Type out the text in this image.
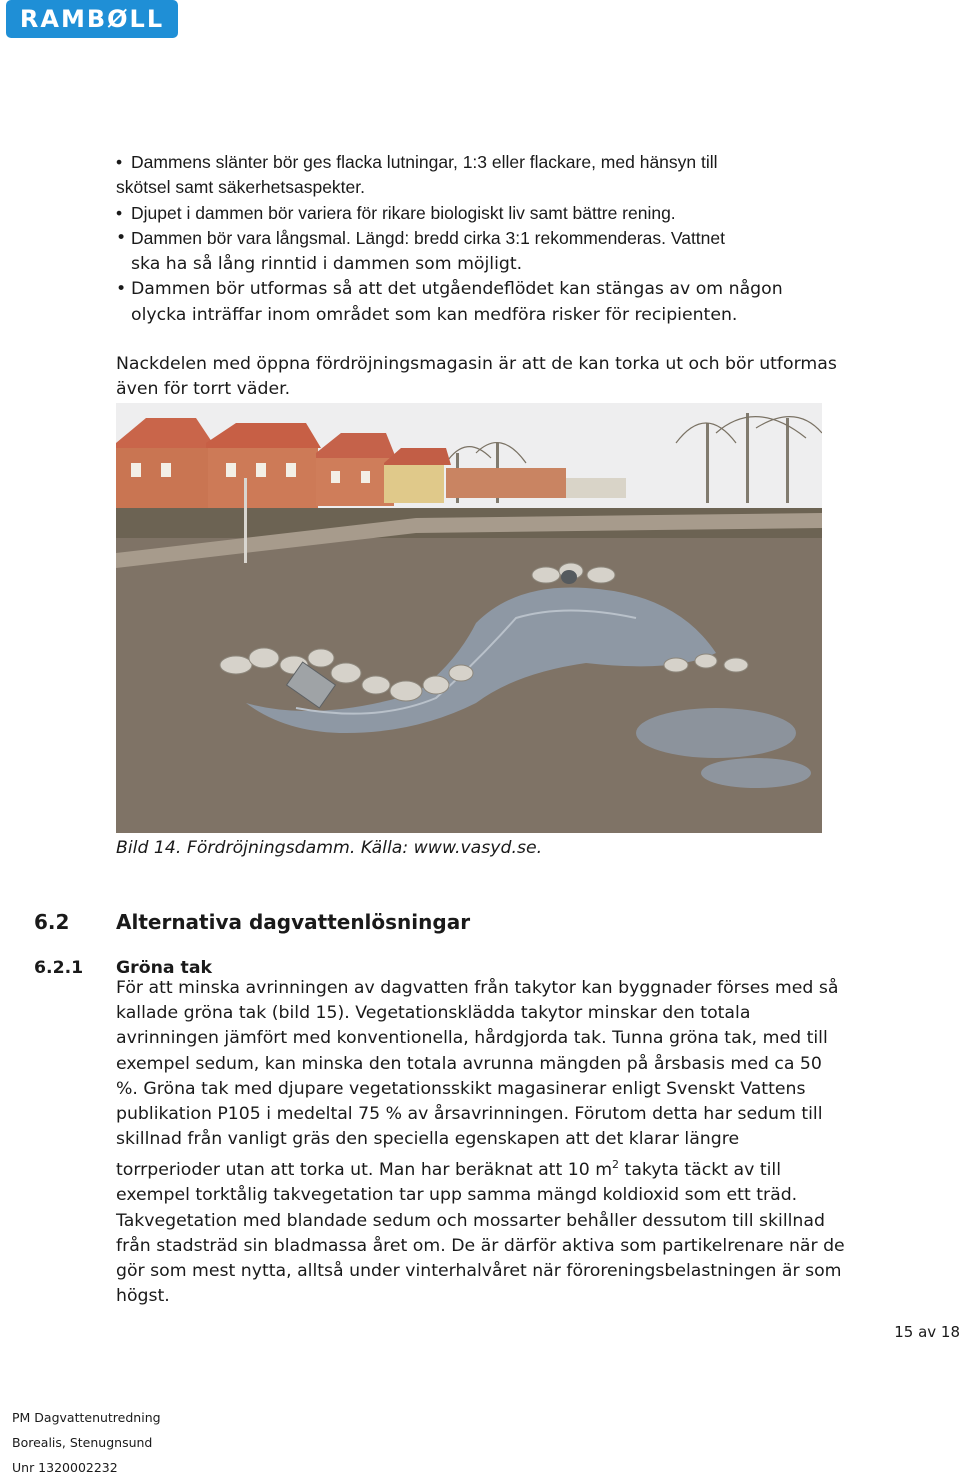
RAMBØLL
• Dammens slänter bör ges flacka lutningar, 1:3 eller flackare, med hänsyn till
skötsel samt säkerhetsaspekter.
• Djupet i dammen bör variera för rikare biologiskt liv samt bättre rening.
• Dammen bör vara långsmal. Längd: bredd cirka 3:1 rekommenderas. Vattnet
ska ha så lång rinntid i dammen som möjligt.
• Dammen bör utformas så att det utgåendeflödet kan stängas av om någon
olycka inträffar inom området som kan medföra risker för recipienten.

Nackdelen med öppna fördröjningsmagasin är att de kan torka ut och bör utformas även för torrt väder.

Bild 14. Fördröjningsdamm. Källa: www.vasyd.se.
6.2 Alternativa dagvattenlösningar
6.2.1 Gröna tak

För att minska avrinningen av dagvatten från takytor kan byggnader förses med så kallade gröna tak (bild 15). Vegetationsklädda takytor minskar den totala avrinningen jämfört med konventionella, hårdgjorda tak. Tunna gröna tak, med till exempel sedum, kan minska den totala avrunna mängden på årsbasis med ca 50 %. Gröna tak med djupare vegetationsskikt magasinerar enligt Svenskt Vattens publikation P105 i medeltal 75 % av årsavrinningen. Förutom detta har sedum till skillnad från vanligt gräs den speciella egenskapen att det klarar längre torrperioder utan att torka ut. Man har beräknat att 10 $m^2$ takyta täckt av till exempel torktålig takvegetation tar upp samma mängd koldioxid som ett träd. Takvegetation med blandade sedum och mossarter behåller dessutom till skillnad från stadsträd sin bladmassa året om. De är därför aktiva som partikelrenare när de gör som mest nytta, alltså under vinterhalvåret när föroreningsbelastningen är som högst.

15 av 18
PM Dagvattenutredning
Borealis, Stenugnsund
Unr 1320002232
